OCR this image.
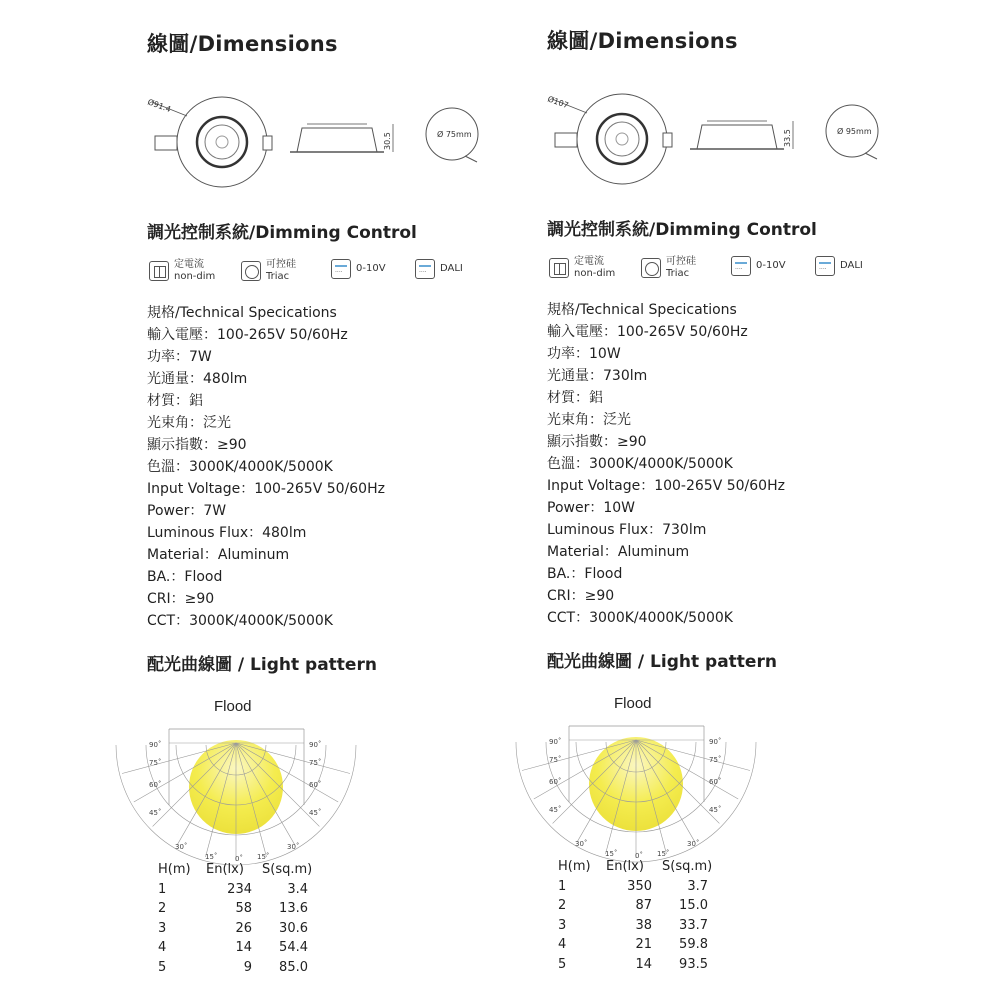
線圖/Dimensions
Ø91.4
30.5	Ø 75mm
調光控制系統/Dimming Control
定電流
non-dim
可控硅
Triac	···· 0-10V	···· DALI
規格/Technical Specications
輸入電壓：100-265V 50/60Hz
功率：7W
光通量：480lm
材質：鋁
光束角：泛光
顯示指數：≥90
色溫：3000K/4000K/5000K
Input Voltage：100-265V 50/60Hz
Power：7W
Luminous Flux：480lm
Material：Aluminum
BA.：Flood
CRI：≥90
CCT：3000K/4000K/5000K
配光曲線圖 / Light pattern
Flood
90˚
75˚
60˚
45˚
30˚
15˚	0˚ 15˚
30˚
45˚
60˚
75˚
90˚
H(m)	En(lx)	S(sq.m)
1	234	3.4
2	58	13.6
3	26	30.6
4	14	54.4
5	9	85.0
線圖/Dimensions
Ø107
33.5	Ø 95mm
調光控制系統/Dimming Control
定電流
non-dim
可控硅
Triac	···· 0-10V	···· DALI
規格/Technical Specications
輸入電壓：100-265V 50/60Hz
功率：10W
光通量：730lm
材質：鋁
光束角：泛光
顯示指數：≥90
色溫：3000K/4000K/5000K
Input Voltage：100-265V 50/60Hz
Power：10W
Luminous Flux：730lm
Material：Aluminum
BA.：Flood
CRI：≥90
CCT：3000K/4000K/5000K
配光曲線圖 / Light pattern
Flood
90˚
75˚
60˚
45˚
30˚
15˚	0˚ 15˚
30˚
45˚
60˚
75˚
90˚
H(m)	En(lx)	S(sq.m)
1	350	3.7
2	87	15.0
3	38	33.7
4	21	59.8
5	14	93.5
